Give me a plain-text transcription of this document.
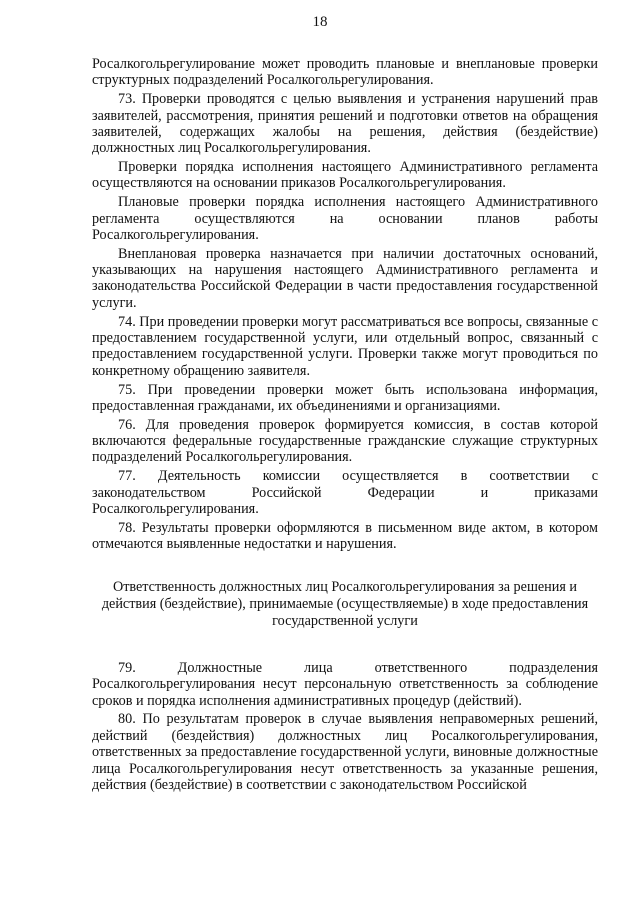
18

Росалкогольрегулирование может проводить плановые и внеплановые проверки структурных подразделений Росалкогольрегулирования.

73. Проверки проводятся с целью выявления и устранения нарушений прав заявителей, рассмотрения, принятия решений и подготовки ответов на обращения заявителей, содержащих жалобы на решения, действия (бездействие) должностных лиц Росалкогольрегулирования.

Проверки порядка исполнения настоящего Административного регламента осуществляются на основании приказов Росалкогольрегулирования.

Плановые проверки порядка исполнения настоящего Административного регламента осуществляются на основании планов работы Росалкогольрегулирования.

Внеплановая проверка назначается при наличии достаточных оснований, указывающих на нарушения настоящего Административного регламента и законодательства Российской Федерации в части предоставления государственной услуги.

74. При проведении проверки могут рассматриваться все вопросы, связанные с предоставлением государственной услуги, или отдельный вопрос, связанный с предоставлением государственной услуги. Проверки также могут проводиться по конкретному обращению заявителя.

75. При проведении проверки может быть использована информация, предоставленная гражданами, их объединениями и организациями.

76. Для проведения проверок формируется комиссия, в состав которой включаются федеральные государственные гражданские служащие структурных подразделений Росалкогольрегулирования.

77. Деятельность комиссии осуществляется в соответствии с законодательством Российской Федерации и приказами Росалкогольрегулирования.

78. Результаты проверки оформляются в письменном виде актом, в котором отмечаются выявленные недостатки и нарушения.

Ответственность должностных лиц Росалкогольрегулирования за решения и действия (бездействие), принимаемые (осуществляемые) в ходе предоставления государственной услуги

79. Должностные лица ответственного подразделения Росалкогольрегулирования несут персональную ответственность за соблюдение сроков и порядка исполнения административных процедур (действий).

80. По результатам проверок в случае выявления неправомерных решений, действий (бездействия) должностных лиц Росалкогольрегулирования, ответственных за предоставление государственной услуги, виновные должностные лица Росалкогольрегулирования несут ответственность за указанные решения, действия (бездействие) в соответствии с законодательством Российской
